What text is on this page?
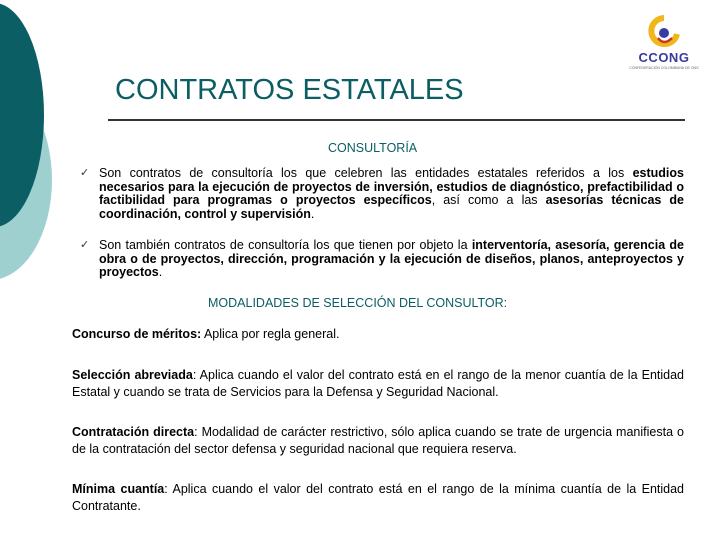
CCONG
CONFEDERACIÓN COLOMBIANA DE ONG
CONTRATOS ESTATALES
CONSULTORÍA
✓ Son contratos de consultoría los que celebren las entidades estatales referidos a los estudios necesarios para la ejecución de proyectos de inversión, estudios de diagnóstico, prefactibilidad o factibilidad para programas o proyectos específicos, así como a las asesorías técnicas de coordinación, control y supervisión.
✓ Son también contratos de consultoría los que tienen por objeto la interventoría, asesoría, gerencia de obra o de proyectos, dirección, programación y la ejecución de diseños, planos, anteproyectos y proyectos.
MODALIDADES DE SELECCIÓN DEL CONSULTOR:

Concurso de méritos: Aplica por regla general.

Selección abreviada: Aplica cuando el valor del contrato está en el rango de la menor cuantía de la Entidad Estatal y cuando se trata de Servicios para la Defensa y Seguridad Nacional.

Contratación directa: Modalidad de carácter restrictivo, sólo aplica cuando se trate de urgencia manifiesta o de la contratación del sector defensa y seguridad nacional que requiera reserva.

Mínima cuantía: Aplica cuando el valor del contrato está en el rango de la mínima cuantía de la Entidad Contratante.
